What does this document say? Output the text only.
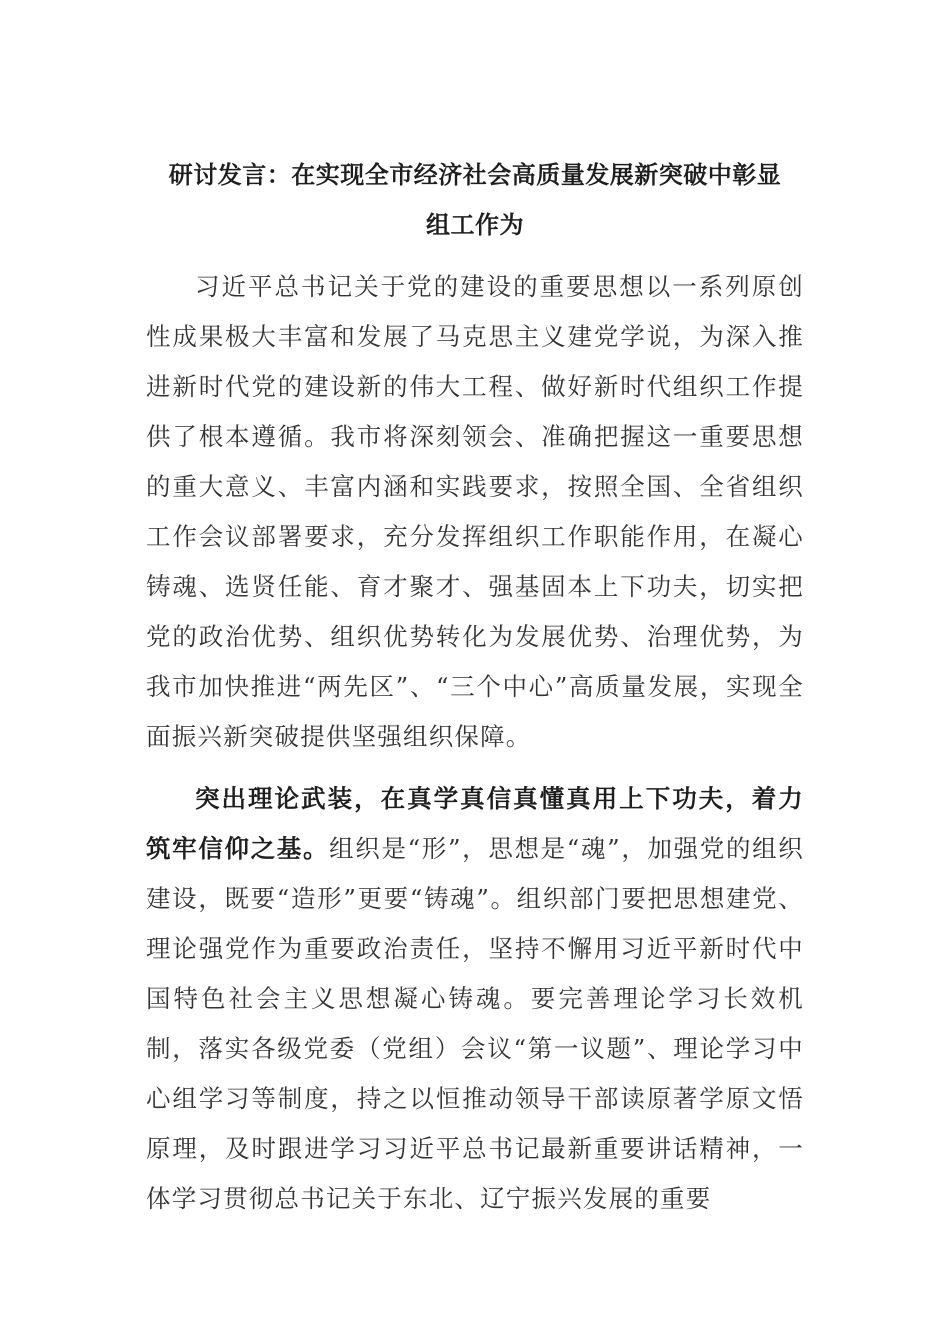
研讨发言：在实现全市经济社会高质量发展新突破中彰显
组工作为

习近平总书记关于党的建设的重要思想以一系列原创性成果极大丰富和发展了马克思主义建党学说，为深入推进新时代党的建设新的伟大工程、做好新时代组织工作提供了根本遵循。我市将深刻领会、准确把握这一重要思想的重大意义、丰富内涵和实践要求，按照全国、全省组织工作会议部署要求，充分发挥组织工作职能作用，在凝心铸魂、选贤任能、育才聚才、强基固本上下功夫，切实把党的政治优势、组织优势转化为发展优势、治理优势，为我市加快推进“两先区”、“三个中心”高质量发展，实现全面振兴新突破提供坚强组织保障。

突出理论武装，在真学真信真懂真用上下功夫，着力筑牢信仰之基。组织是“形”，思想是“魂”，加强党的组织建设，既要“造形”更要“铸魂”。组织部门要把思想建党、理论强党作为重要政治责任，坚持不懈用习近平新时代中国特色社会主义思想凝心铸魂。要完善理论学习长效机制，落实各级党委（党组）会议“第一议题”、理论学习中心组学习等制度，持之以恒推动领导干部读原著学原文悟原理，及时跟进学习习近平总书记最新重要讲话精神，一体学习贯彻总书记关于东北、辽宁振兴发展的重要
